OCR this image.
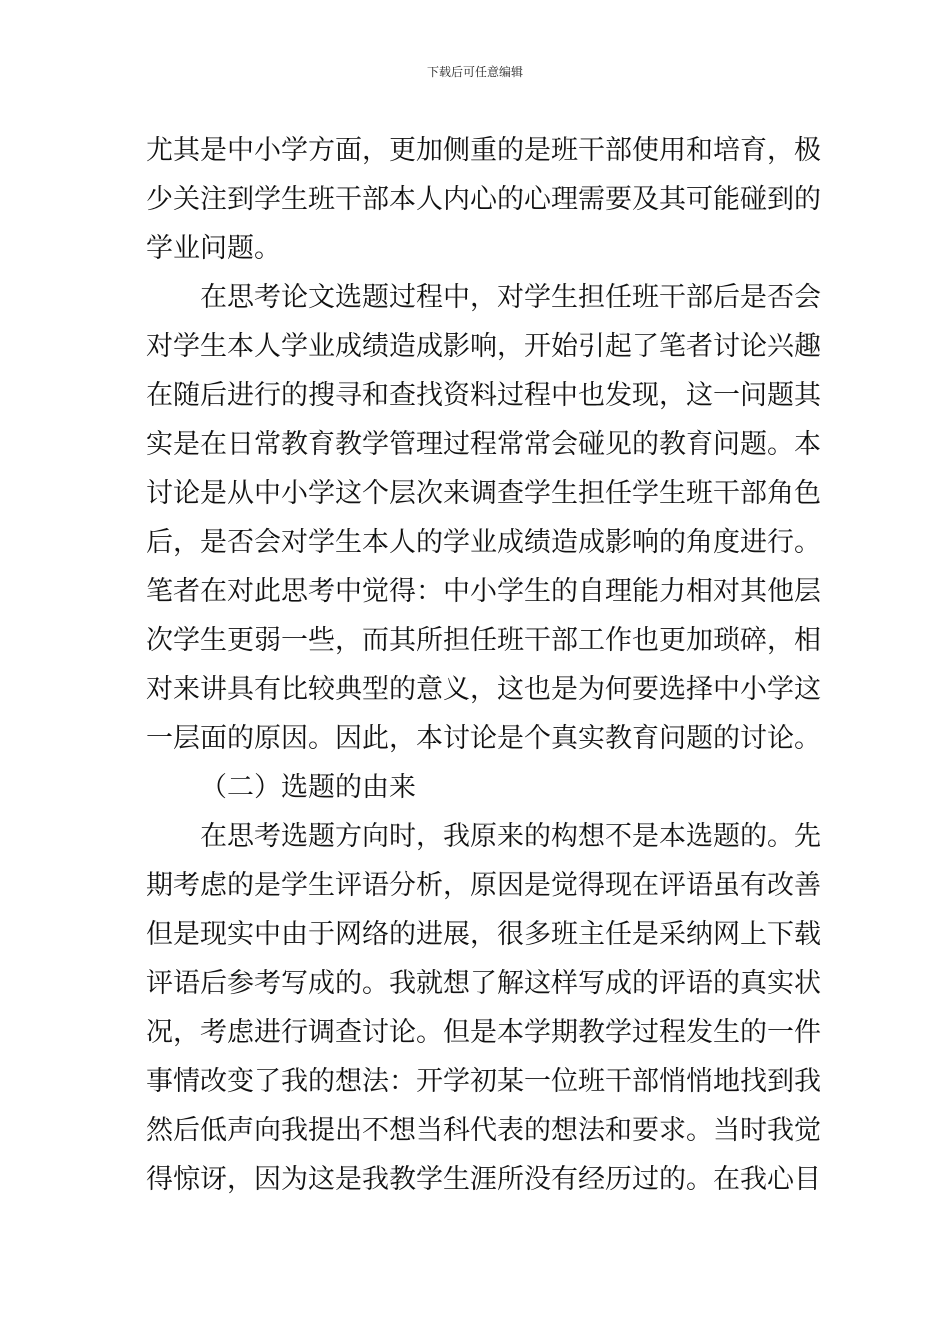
下载后可任意编辑
尤其是中小学方面，更加侧重的是班干部使用和培育，极
少关注到学生班干部本人内心的心理需要及其可能碰到的
学业问题。
在思考论文选题过程中，对学生担任班干部后是否会
对学生本人学业成绩造成影响，开始引起了笔者讨论兴趣
在随后进行的搜寻和查找资料过程中也发现，这一问题其
实是在日常教育教学管理过程常常会碰见的教育问题。本
讨论是从中小学这个层次来调查学生担任学生班干部角色
后，是否会对学生本人的学业成绩造成影响的角度进行。
笔者在对此思考中觉得：中小学生的自理能力相对其他层
次学生更弱一些，而其所担任班干部工作也更加琐碎，相
对来讲具有比较典型的意义，这也是为何要选择中小学这
一层面的原因。因此，本讨论是个真实教育问题的讨论。
（二）选题的由来
在思考选题方向时，我原来的构想不是本选题的。先
期考虑的是学生评语分析，原因是觉得现在评语虽有改善
但是现实中由于网络的进展，很多班主任是采纳网上下载
评语后参考写成的。我就想了解这样写成的评语的真实状
况，考虑进行调查讨论。但是本学期教学过程发生的一件
事情改变了我的想法：开学初某一位班干部悄悄地找到我
然后低声向我提出不想当科代表的想法和要求。当时我觉
得惊讶，因为这是我教学生涯所没有经历过的。在我心目
